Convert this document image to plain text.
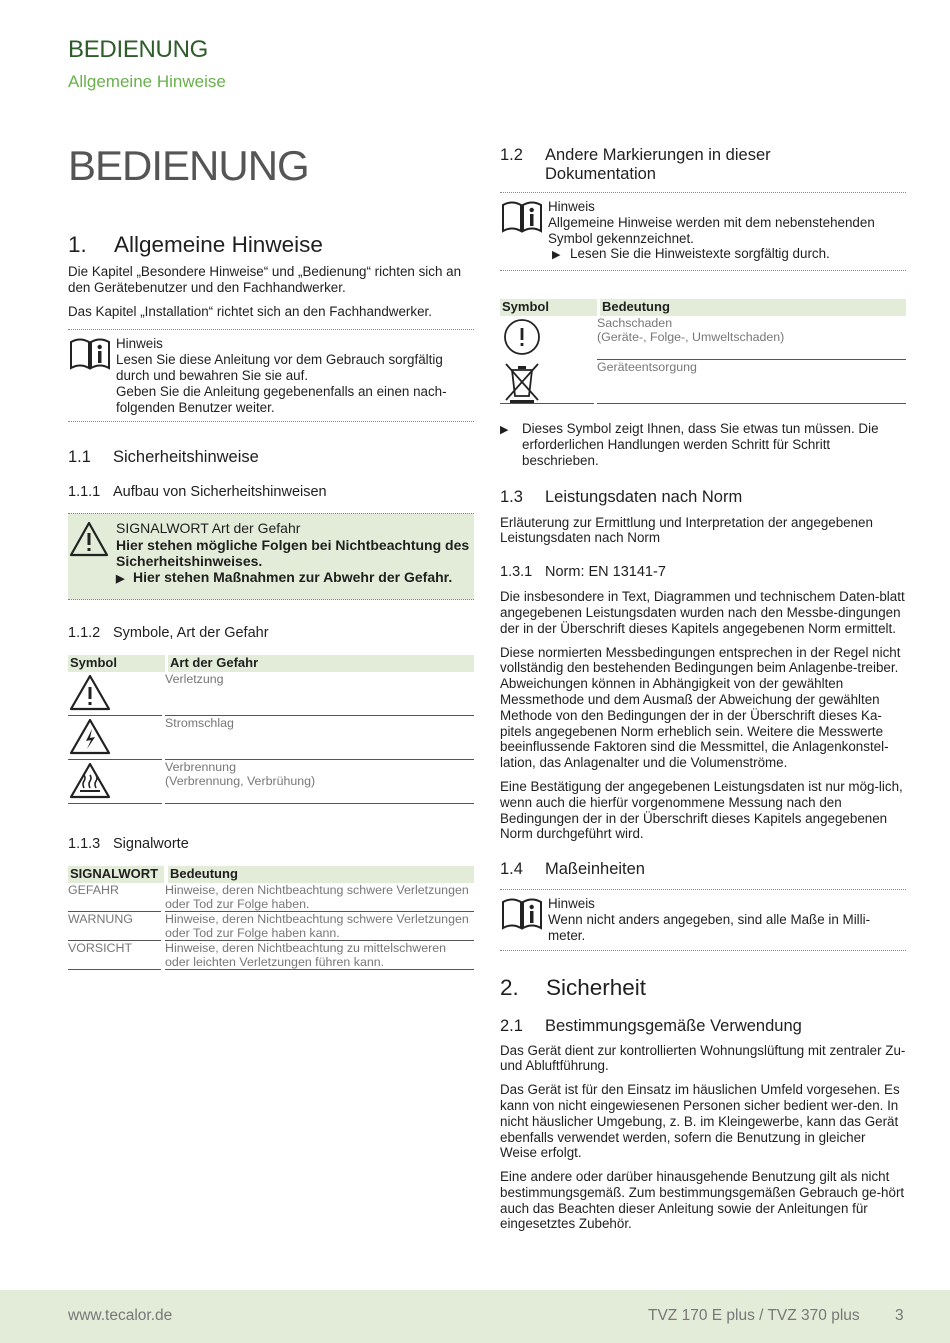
BEDIENUNG
Allgemeine Hinweise
BEDIENUNG
1.	Allgemeine Hinweise

Die Kapitel „Besondere Hinweise“ und „Bedienung“ richten sich an den Gerätebenutzer und den Fachhandwerker.

Das Kapitel „Installation“ richtet sich an den Fachhandwerker.

Hinweis
Lesen Sie diese Anleitung vor dem Gebrauch sorgfältig durch und bewahren Sie sie auf.
Geben Sie die Anleitung gegebenenfalls an einen nach-folgenden Benutzer weiter.
1.1	Sicherheitshinweise
1.1.1 Aufbau von Sicherheitshinweisen
SIGNALWORT Art der Gefahr
Hier stehen mögliche Folgen bei Nichtbeachtung des Sicherheitshinweises.
▶ Hier stehen Maßnahmen zur Abwehr der Gefahr.
1.1.2 Symbole, Art der Gefahr
Symbol	Art der Gefahr
Verletzung
Stromschlag
Verbrennung
(Verbrennung, Verbrühung)
1.1.3 Signalworte
SIGNALWORT Bedeutung
GEFAHR	Hinweise, deren Nichtbeachtung schwere Verletzungen oder Tod zur Folge haben.
WARNUNG	Hinweise, deren Nichtbeachtung schwere Verletzungen oder Tod zur Folge haben kann.
VORSICHT	Hinweise, deren Nichtbeachtung zu mittelschweren oder leichten Verletzungen führen kann.
1.2	Andere Markierungen in dieser Dokumentation
Hinweis
Allgemeine Hinweise werden mit dem nebenstehenden Symbol gekennzeichnet.
▶ Lesen Sie die Hinweistexte sorgfältig durch.
Symbol	Bedeutung
Sachschaden
(Geräte-, Folge-, Umweltschaden)
Geräteentsorgung
▶	Dieses Symbol zeigt Ihnen, dass Sie etwas tun müssen. Die erforderlichen Handlungen werden Schritt für Schritt beschrieben.

1.3	Leistungsdaten nach Norm

Erläuterung zur Ermittlung und Interpretation der angegebenen Leistungsdaten nach Norm

1.3.1 Norm: EN 13141-7

Die insbesondere in Text, Diagrammen und technischem Daten-blatt angegebenen Leistungsdaten wurden nach den Messbe-dingungen der in der Überschrift dieses Kapitels angegebenen Norm ermittelt.

Diese normierten Messbedingungen entsprechen in der Regel nicht vollständig den bestehenden Bedingungen beim Anlagenbe-treiber. Abweichungen können in Abhängigkeit von der gewählten Messmethode und dem Ausmaß der Abweichung der gewählten Methode von den Bedingungen der in der Überschrift dieses Ka-pitels angegebenen Norm erheblich sein. Weitere die Messwerte beeinflussende Faktoren sind die Messmittel, die Anlagenkonstel-lation, das Anlagenalter und die Volumenströme.

Eine Bestätigung der angegebenen Leistungsdaten ist nur mög-lich, wenn auch die hierfür vorgenommene Messung nach den Bedingungen der in der Überschrift dieses Kapitels angegebenen Norm durchgeführt wird.

1.4	Maßeinheiten
Hinweis
Wenn nicht anders angegeben, sind alle Maße in Milli-meter.
2.	Sicherheit
2.1	Bestimmungsgemäße Verwendung

Das Gerät dient zur kontrollierten Wohnungslüftung mit zentraler Zu- und Abluftführung.

Das Gerät ist für den Einsatz im häuslichen Umfeld vorgesehen. Es kann von nicht eingewiesenen Personen sicher bedient wer-den. In nicht häuslicher Umgebung, z. B. im Kleingewerbe, kann das Gerät ebenfalls verwendet werden, sofern die Benutzung in gleicher Weise erfolgt.

Eine andere oder darüber hinausgehende Benutzung gilt als nicht bestimmungsgemäß. Zum bestimmungsgemäßen Gebrauch ge-hört auch das Beachten dieser Anleitung sowie der Anleitungen für eingesetztes Zubehör.

www.tecalor.de	TVZ 170 E plus / TVZ 370 plus 3
